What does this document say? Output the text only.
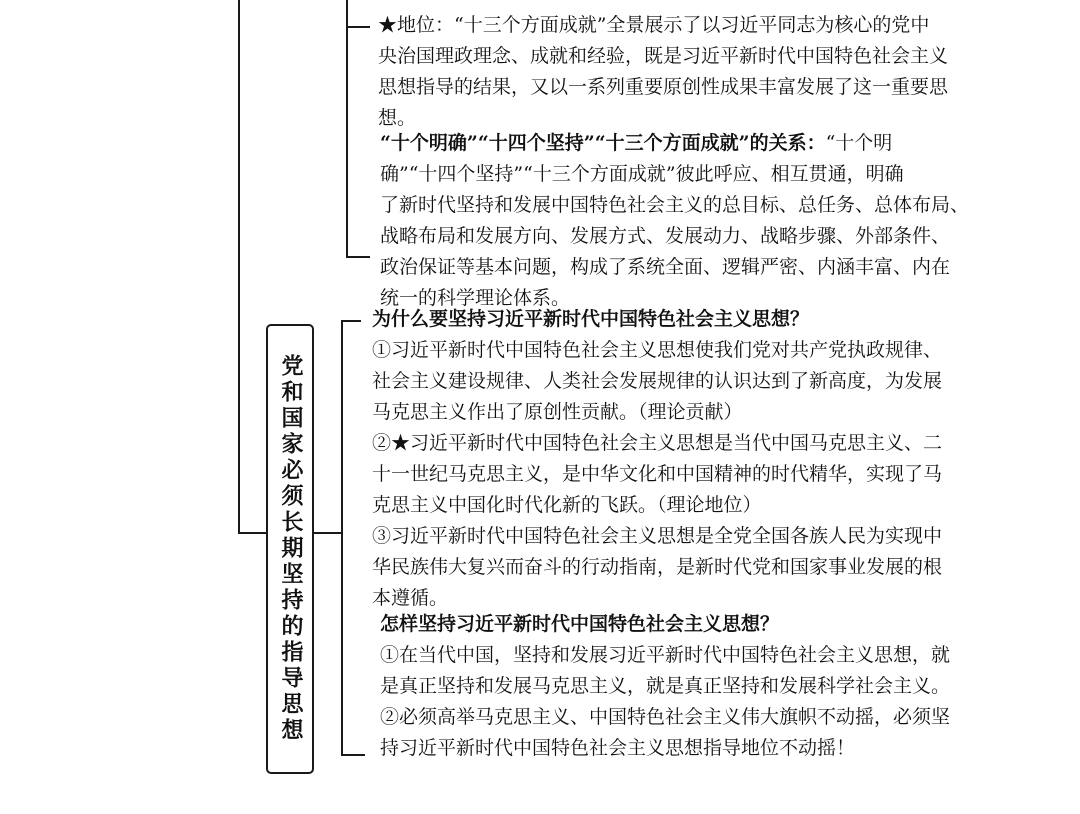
党和国家必须长期坚持的指导思想

★地位：“十三个方面成就”全景展示了以习近平同志为核心的党中

央治国理政理念、成就和经验，既是习近平新时代中国特色社会主义

思想指导的结果，又以一系列重要原创性成果丰富发展了这一重要思

想。

“十个明确”“十四个坚持”“十三个方面成就”的关系：“十个明

确”“十四个坚持”“十三个方面成就”彼此呼应、相互贯通，明确

了新时代坚持和发展中国特色社会主义的总目标、总任务、总体布局、

战略布局和发展方向、发展方式、发展动力、战略步骤、外部条件、

政治保证等基本问题，构成了系统全面、逻辑严密、内涵丰富、内在

统一的科学理论体系。

为什么要坚持习近平新时代中国特色社会主义思想？

①习近平新时代中国特色社会主义思想使我们党对共产党执政规律、

社会主义建设规律、人类社会发展规律的认识达到了新高度，为发展

马克思主义作出了原创性贡献。（理论贡献）

②★习近平新时代中国特色社会主义思想是当代中国马克思主义、二

十一世纪马克思主义，是中华文化和中国精神的时代精华，实现了马

克思主义中国化时代化新的飞跃。（理论地位）

③习近平新时代中国特色社会主义思想是全党全国各族人民为实现中

华民族伟大复兴而奋斗的行动指南，是新时代党和国家事业发展的根

本遵循。

怎样坚持习近平新时代中国特色社会主义思想？

①在当代中国，坚持和发展习近平新时代中国特色社会主义思想，就

是真正坚持和发展马克思主义，就是真正坚持和发展科学社会主义。

②必须高举马克思主义、中国特色社会主义伟大旗帜不动摇，必须坚

持习近平新时代中国特色社会主义思想指导地位不动摇！
